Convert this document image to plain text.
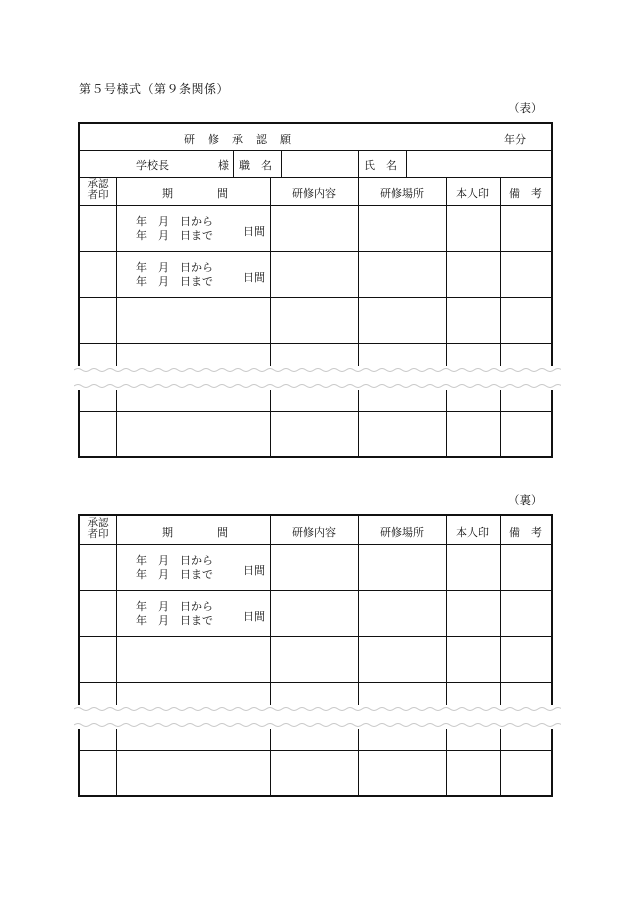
第５号様式（第９条関係）
（表）
研　修　承　認　願	年分
学校長	様 職　名	氏　名
承認
者印	期　　　　間	研修内容	研修場所	本人印 備　考
年　月　日から
年　月　日まで	日間
年　月　日から
年　月　日まで	日間
（裏）
承認
者印	期　　　　間	研修内容	研修場所	本人印 備　考
年　月　日から
年　月　日まで	日間
年　月　日から
年　月　日まで	日間
